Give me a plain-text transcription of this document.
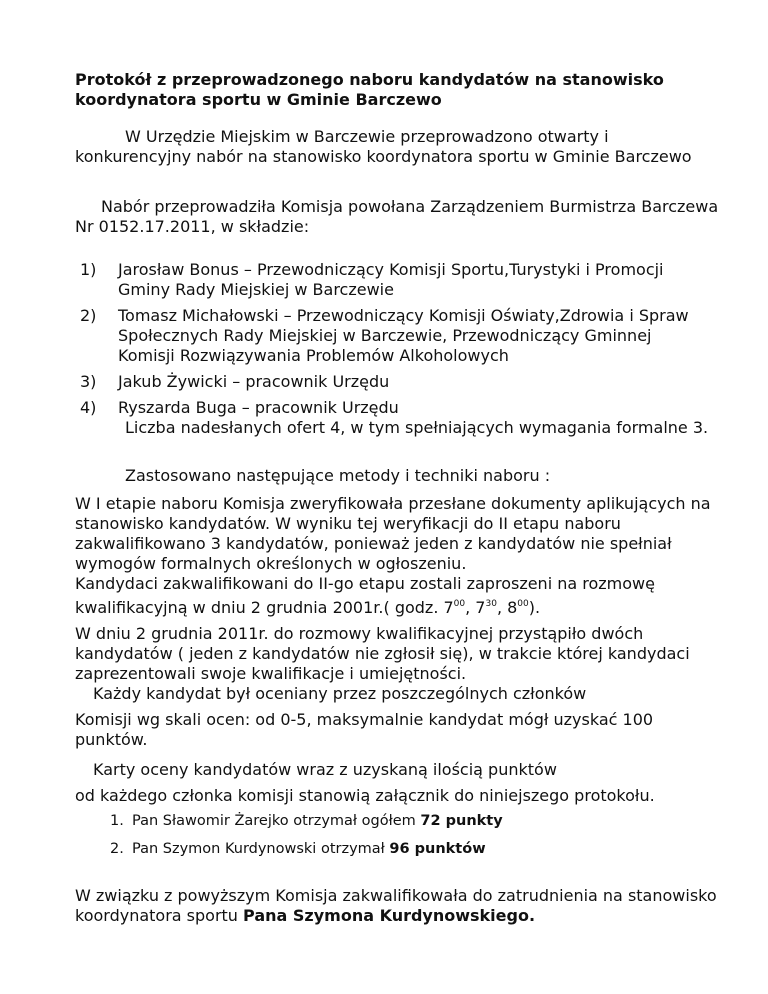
Protokół z przeprowadzonego naboru kandydatów na stanowisko koordynatora sportu w Gminie Barczewo

W Urzędzie Miejskim w Barczewie przeprowadzono otwarty i konkurencyjny nabór na stanowisko koordynatora sportu w Gminie Barczewo

Nabór przeprowadziła Komisja powołana Zarządzeniem Burmistrza Barczewa Nr 0152.17.2011, w składzie:

1)	Jarosław Bonus – Przewodniczący Komisji Sportu,Turystyki i Promocji Gminy Rady Miejskiej w Barczewie
2)	Tomasz Michałowski – Przewodniczący Komisji Oświaty,Zdrowia i Spraw Społecznych Rady Miejskiej w Barczewie, Przewodniczący Gminnej Komisji Rozwiązywania Problemów Alkoholowych
3)	Jakub Żywicki – pracownik Urzędu
4)	Ryszarda Buga – pracownik Urzędu

Liczba nadesłanych ofert 4, w tym spełniających wymagania formalne 3.

Zastosowano następujące metody i techniki naboru :

W I etapie naboru Komisja zweryfikowała przesłane dokumenty aplikujących na stanowisko kandydatów. W wyniku tej weryfikacji do II etapu naboru zakwalifikowano 3 kandydatów, ponieważ jeden z kandydatów nie spełniał wymogów formalnych określonych w ogłoszeniu.

Kandydaci zakwalifikowani do II-go etapu zostali zaproszeni na rozmowę kwalifikacyjną w dniu 2 grudnia 2001r.( godz. $7^{00}$, $7^{30}$, $8^{00}$).

W dniu 2 grudnia 2011r. do rozmowy kwalifikacyjnej przystąpiło dwóch kandydatów ( jeden z kandydatów nie zgłosił się), w trakcie której kandydaci zaprezentowali swoje kwalifikacje i umiejętności.

Każdy kandydat był oceniany przez poszczególnych członków

Komisji wg skali ocen: od 0-5, maksymalnie kandydat mógł uzyskać 100 punktów.

Karty oceny kandydatów wraz z uzyskaną ilością punktów

od każdego członka komisji stanowią załącznik do niniejszego protokołu.

1. Pan Sławomir Żarejko otrzymał ogółem 72 punkty
2. Pan Szymon Kurdynowski otrzymał 96 punktów

W związku z powyższym Komisja zakwalifikowała do zatrudnienia na stanowisko koordynatora sportu Pana Szymona Kurdynowskiego.
